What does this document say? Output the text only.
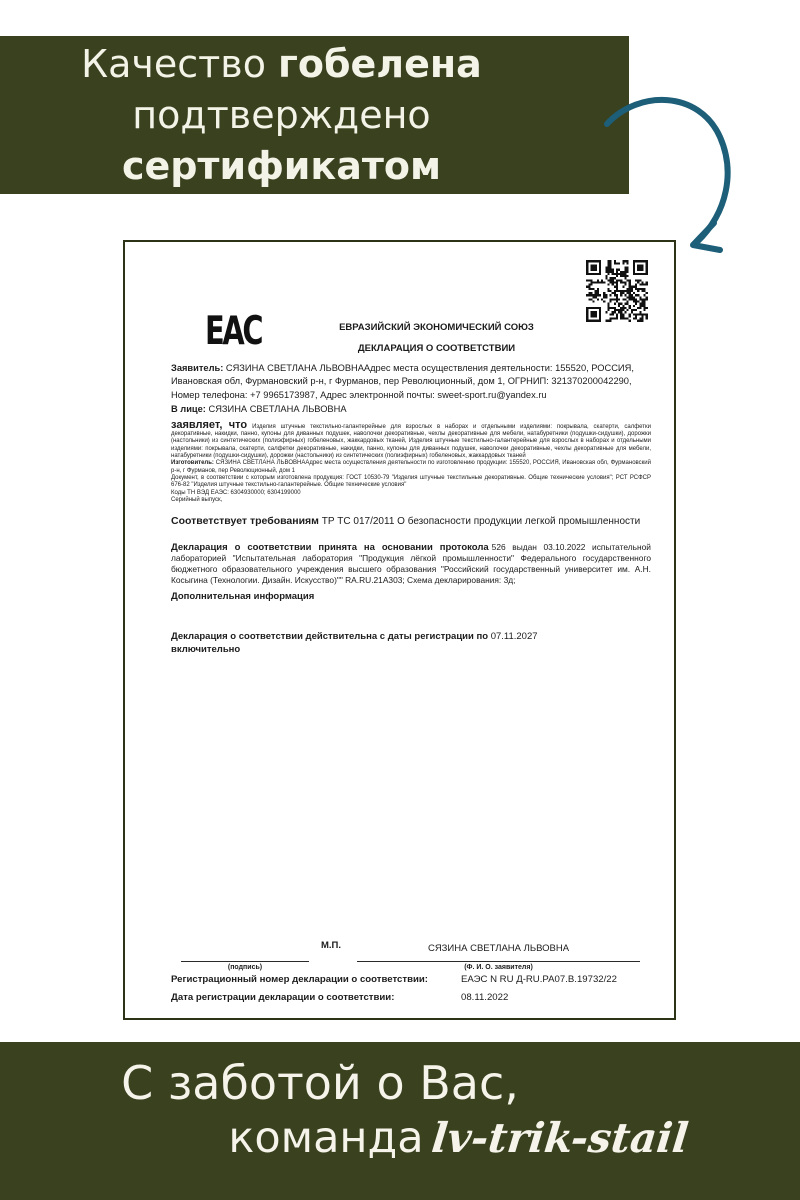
Качество гобелена
подтверждено
сертификатом
ЕАС	ЕВРАЗИЙСКИЙ ЭКОНОМИЧЕСКИЙ СОЮЗ
ДЕКЛАРАЦИЯ О СООТВЕТСТВИИ

Заявитель: СЯЗИНА СВЕТЛАНА ЛЬВОВНААдрес места осуществления деятельности: 155520, РОССИЯ, Ивановская обл, Фурмановский р-н, г Фурманов, пер Революционный, дом 1, ОГРНИП: 321370200042290, Номер телефона: +7 9965173987, Адрес электронной почты: sweet-sport.ru@yandex.ru

В лице: СЯЗИНА СВЕТЛАНА ЛЬВОВНА

заявляет, что Изделия штучные текстильно-галантерейные для взрослых в наборах и отдельными изделиями: покрывала, скатерти, салфетки декоративные, накидки, панно, купоны для диванных подушек, наволочки декоративные, чехлы декоративные для мебели, натабуретники (подушки-сидушки), дорожки (настольники) из синтетических (полиэфирных) гобеленовых, жаккардовых тканей, Изделия штучные текстильно-галантерейные для взрослых в наборах и отдельными изделиями: покрывала, скатерти, салфетки декоративные, накидки, панно, купоны для диванных подушек, наволочки декоративные, чехлы декоративные для мебели, натабуретники (подушки-сидушки), дорожки (настольники) из синтетических (полиэфирных) гобеленовых, жаккардовых тканей

Изготовитель: СЯЗИНА СВЕТЛАНА ЛЬВОВНААдрес места осуществления деятельности по изготовлению продукции: 155520, РОССИЯ, Ивановская обл, Фурмановский р-н, г Фурманов, пер Революционный, дом 1

Документ, в соответствии с которым изготовлена продукция: ГОСТ 10530-79 "Изделия штучные текстильные декоративные. Общие технические условия"; РСТ РСФСР 676-82 "Изделия штучные текстильно-галантерейные. Общие технические условия"

Коды ТН ВЭД ЕАЭС: 6304930000; 6304199000

Серийный выпуск,

Соответствует требованиям ТР ТС 017/2011 О безопасности продукции легкой промышленности

Декларация о соответствии принята на основании протокола 526 выдан 03.10.2022 испытательной лабораторией "Испытательная лаборатория "Продукция лёгкой промышленности" Федерального государственного бюджетного образовательного учреждения высшего образования "Российский государственный университет им. А.Н. Косыгина (Технологии. Дизайн. Искусство)"" RA.RU.21А303; Схема декларирования: 3д;

Дополнительная информация

Декларация о соответствии действительна с даты регистрации по 07.11.2027
включительно

М.П.	СЯЗИНА СВЕТЛАНА ЛЬВОВНА
(подпись)	(Ф. И. О. заявителя)
Регистрационный номер декларации о соответствии:	ЕАЭС N RU Д-RU.РА07.В.19732/22
Дата регистрации декларации о соответствии:	08.11.2022
С заботой о Вас,
команда lv-trik-stail
